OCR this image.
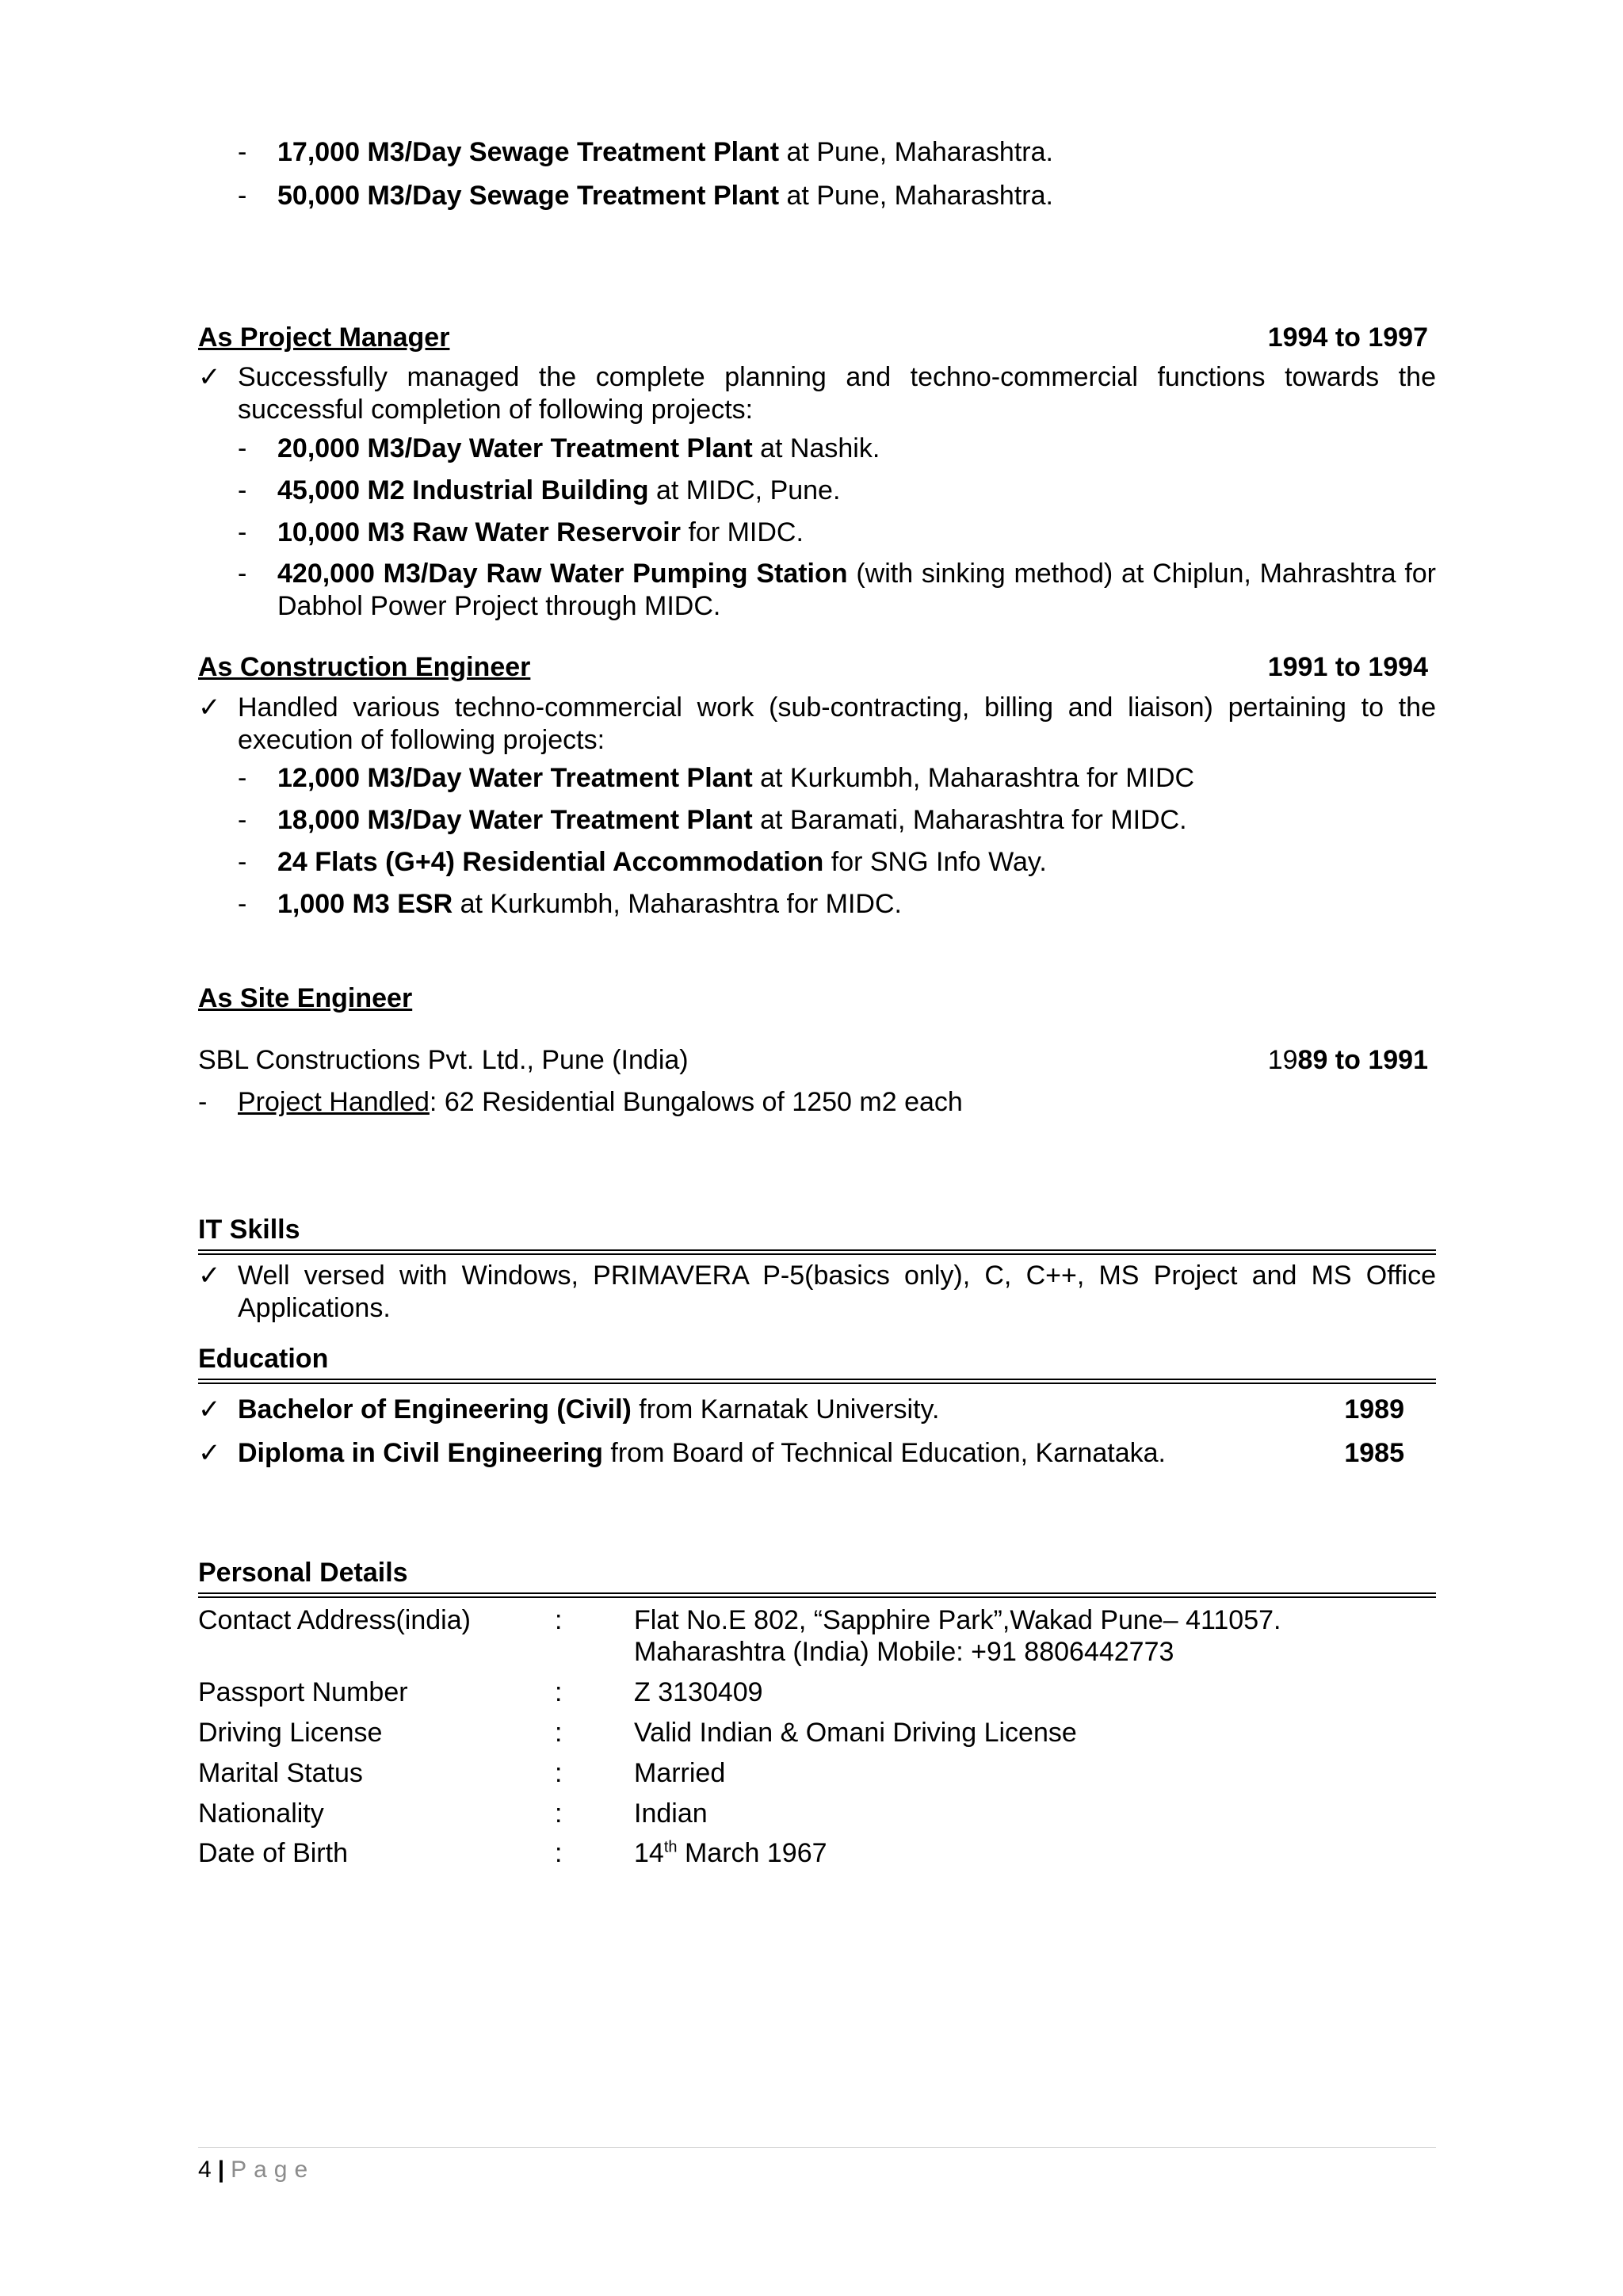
- 17,000 M3/Day Sewage Treatment Plant at Pune, Maharashtra.

- 50,000 M3/Day Sewage Treatment Plant at Pune, Maharashtra.

As Project Manager	1994 to 1997
✓ Successfully managed the complete planning and techno-commercial functions towards the successful completion of following projects:

- 20,000 M3/Day Water Treatment Plant at Nashik.

- 45,000 M2 Industrial Building at MIDC, Pune.

- 10,000 M3 Raw Water Reservoir for MIDC.

- 420,000 M3/Day Raw Water Pumping Station (with sinking method) at Chiplun, Mahrashtra for Dabhol Power Project through MIDC.

As Construction Engineer	1991 to 1994
✓ Handled various techno-commercial work (sub-contracting, billing and liaison) pertaining to the execution of following projects:

- 12,000 M3/Day Water Treatment Plant at Kurkumbh, Maharashtra for MIDC

- 18,000 M3/Day Water Treatment Plant at Baramati, Maharashtra for MIDC.

- 24 Flats (G+4) Residential Accommodation for SNG Info Way.

- 1,000 M3 ESR at Kurkumbh, Maharashtra for MIDC.

As Site Engineer
SBL Constructions Pvt. Ltd., Pune (India)	1989 to 1991
- Project Handled: 62 Residential Bungalows of 1250 m2 each
IT Skills
✓ Well versed with Windows, PRIMAVERA P-5(basics only), C, C++, MS Project and MS Office Applications.
Education
✓ Bachelor of Engineering (Civil) from Karnatak University.	1989
✓ Diploma in Civil Engineering from Board of Technical Education, Karnataka.	1985
Personal Details
Contact Address(india)	:	Flat No.E 802, “Sapphire Park”,Wakad Pune– 411057.
Maharashtra (India) Mobile: +91 8806442773
Passport Number	:	Z 3130409
Driving License	:	Valid Indian & Omani Driving License
Marital Status	:	Married
Nationality	:	Indian
Date of Birth	:	14th March 1967
4 | Page
